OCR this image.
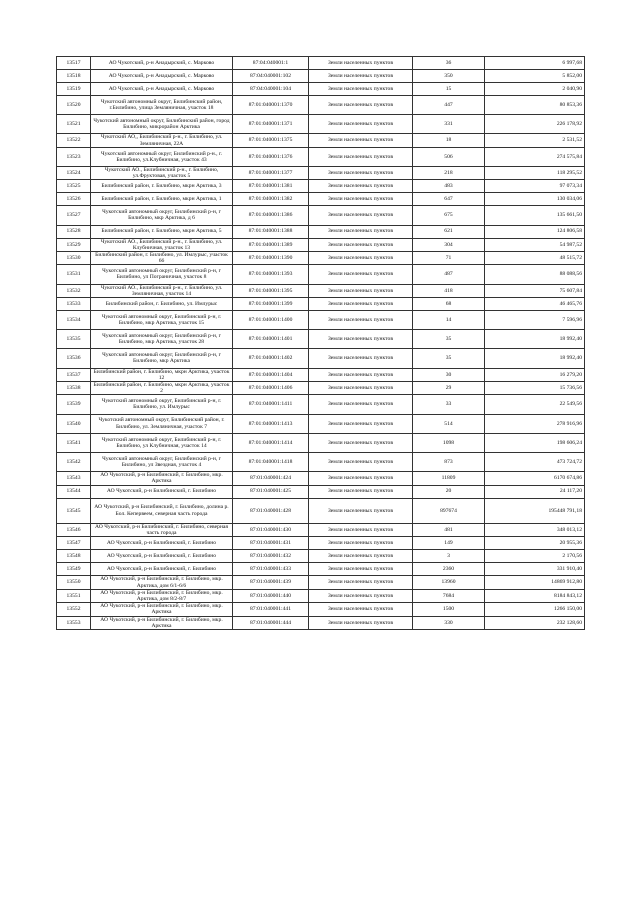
13517	АО Чукотский, р-н Анадырский, с. Марково	87:04:040001:1	Земли населенных пунктов	36	6 997,68
13518	АО Чукотский, р-н Анадырский, с. Марково	87:04:040001:102	Земли населенных пунктов	350	5 852,00
13519	АО Чукотский, р-н Анадырский, с. Марково	87:04:040001:104	Земли населенных пунктов	15	2 040,90
13520	Чукотский автономный округ, Билибинский район, г.Билибино, улица Земляничная, участок 18	87:01:040001:1370	Земли населенных пунктов	447	80 853,36
13521	Чукотский автономный округ, Билибинский район, город Билибино, микрорайон Арктика	87:01:040001:1371	Земли населенных пунктов	331	226 178,92
13522	Чукотский АО,, Билибинский р-н., г. Билибино, ул. Земляничная, 22А	87:01:040001:1375	Земли населенных пунктов	18	2 531,52
13523	Чукотский автономный округ, Билибинский р-н., г. Билибино, ул.Клубничная, участок 43	87:01:040001:1376	Земли населенных пунктов	506	274 575,84
13524	Чукотский АО., Билибинский р-н., г. Билибино, ул.Фруктовая, участок 5	87:01:040001:1377	Земли населенных пунктов	218	118 295,52
13525	Билибинский район, г. Билибино, мкрн Арктика, 3	87:01:040001:1381	Земли населенных пунктов	483	97 073,34
13526	Билибинский район, г. Билибино, мкрн Арктика, 1	87:01:040001:1382	Земли населенных пунктов	647	130 034,06
13527	Чукотский автономный округ, Билибинский р-н, г Билибино, мкр Арктика, д 6	87:01:040001:1386	Земли населенных пунктов	675	135 661,50
13528	Билибинский район, г. Билибино, мкрн Арктика, 5	87:01:040001:1388	Земли населенных пунктов	621	124 806,58
13529	Чукотский АО., Билибинский р-н., г. Билибино, ул. Клубничная, участок 13	87:01:040001:1389	Земли населенных пунктов	304	54 987,52
13530	Билибинский район, г. Билибино, ул. Имлурыс, участок 66	87:01:040001:1390	Земли населенных пунктов	71	48 515,72
13531	Чукотский автономный округ, Билибинский р-н, г Билибино, ул Пограничная, участок 8	87:01:040001:1393	Земли населенных пунктов	487	88 088,56
13532	Чукотский АО., Билибинский р-н., г. Билибино, ул. Земляничная, участок 14	87:01:040001:1395	Земли населенных пунктов	418	75 607,84
13533	Билибинский район, г. Билибино, ул. Имлурыс	87:01:040001:1399	Земли населенных пунктов	68	46 465,76
13534	Чукотский автономный округ, Билибинский р-н, г. Билибино, мкр Арктика, участок 15	87:01:040001:1400	Земли населенных пунктов	14	7 596,96
13535	Чукотский автономный округ, Билибинский р-н, г Билибино, мкр Арктика, участок 28	87:01:040001:1401	Земли населенных пунктов	35	18 992,40
13536	Чукотский автономный округ, Билибинский р-н, г Билибино, мкр Арктика	87:01:040001:1402	Земли населенных пунктов	35	18 992,40
13537	Билибинский район, г. Билибино, мкрн Арктика, участок 12	87:01:040001:1404	Земли населенных пунктов	30	16 279,20
13538	Билибинский район, г. Билибино, мкрн Арктика, участок 2	87:01:040001:1406	Земли населенных пунктов	29	15 736,56
13539	Чукотский автономный округ, Билибинский р-н, г. Билибино, ул. Имлурыс	87:01:040001:1411	Земли населенных пунктов	33	22 549,56
13540	Чукотский автономный округ, Билибинский район, г. Билибино, ул. Земляничная, участок 7	87:01:040001:1413	Земли населенных пунктов	514	278 916,96
13541	Чукотский автономный округ, Билибинский р-н, г. Билибино, ул Клубничная, участок 14	87:01:040001:1414	Земли населенных пунктов	1098	198 606,24
13542	Чукотский автономный округ, Билибинский р-н, г Билибино, ул Звездная, участок 4	87:01:040001:1418	Земли населенных пунктов	873	473 724,72
13543	АО Чукотский, р-н Билибинский, г. Билибино, мкр. Арктика	87:01:040001:424	Земли населенных пунктов	11809	6170 674,86
13544	АО Чукотский, р-н Билибинский, г. Билибино	87:01:040001:425	Земли населенных пунктов	20	24 117,20
13545	АО Чукотский, р-н Билибинский, г. Билибино, долина р. Бол. Кепервеем, северная часть города	87:01:040001:428	Земли населенных пунктов	897674	195448 791,18
13546	АО Чукотский, р-н Билибинский, г. Билибино, северная часть города	87:01:040001:430	Земли населенных пунктов	481	348 013,12
13547	АО Чукотский, р-н Билибинский, г. Билибино	87:01:040001:431	Земли населенных пунктов	149	20 955,36
13548	АО Чукотский, р-н Билибинский, г. Билибино	87:01:040001:432	Земли населенных пунктов	3	2 170,56
13549	АО Чукотский, р-н Билибинский, г. Билибино	87:01:040001:433	Земли населенных пунктов	2360	331 910,40
13550	АО Чукотский, р-н Билибинский, г. Билибино, мкр. Арктика, дом 6/1-6/6	87:01:040001:439	Земли населенных пунктов	13960	14869 912,80
13551	АО Чукотский, р-н Билибинский, г. Билибино, мкр. Арктика, дом 8/2-8/7	87:01:040001:440	Земли населенных пунктов	7684	8184 843,12
13552	АО Чукотский, р-н Билибинский, г. Билибино, мкр. Арктика	87:01:040001:441	Земли населенных пунктов	1500	1266 150,00
13553	АО Чукотский, р-н Билибинский, г. Билибино, мкр. Арктика	87:01:040001:444	Земли населенных пунктов	330	232 128,60
